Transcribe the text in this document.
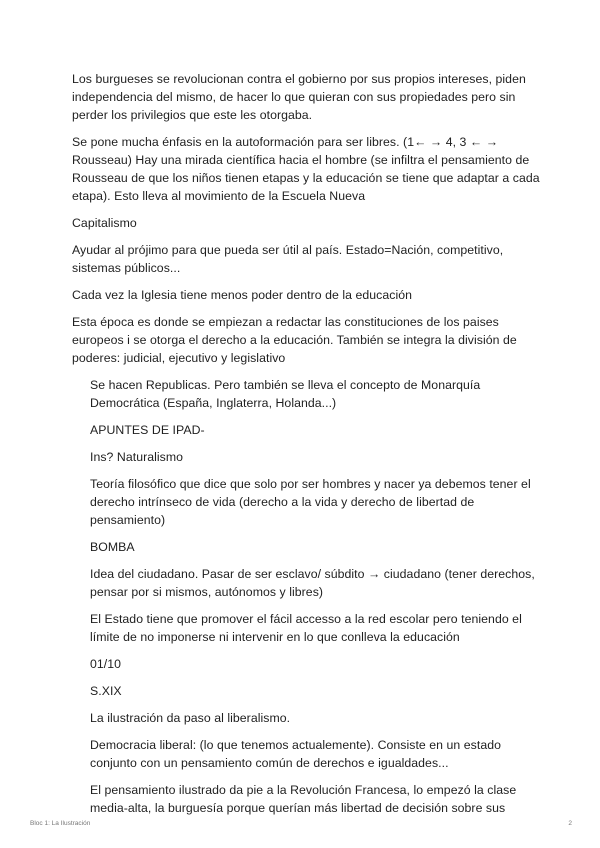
Los burgueses se revolucionan contra el gobierno por sus propios intereses, piden independencia del mismo, de hacer lo que quieran con sus propiedades pero sin perder los privilegios que este les otorgaba.

Se pone mucha énfasis en la autoformación para ser libres. (1← → 4, 3 ← → Rousseau) Hay una mirada científica hacia el hombre (se infiltra el pensamiento de Rousseau de que los niños tienen etapas y la educación se tiene que adaptar a cada etapa). Esto lleva al movimiento de la Escuela Nueva

Capitalismo

Ayudar al prójimo para que pueda ser útil al país. Estado=Nación, competitivo, sistemas públicos...

Cada vez la Iglesia tiene menos poder dentro de la educación

Esta época es donde se empiezan a redactar las constituciones de los paises europeos i se otorga el derecho a la educación. También se integra la división de poderes: judicial, ejecutivo y legislativo

Se hacen Republicas. Pero también se lleva el concepto de Monarquía Democrática (España, Inglaterra, Holanda...)

APUNTES DE IPAD-

Ins? Naturalismo

Teoría filosófico que dice que solo por ser hombres y nacer ya debemos tener el derecho intrínseco de vida (derecho a la vida y derecho de libertad de pensamiento)

BOMBA

Idea del ciudadano. Pasar de ser esclavo/ súbdito → ciudadano (tener derechos, pensar por si mismos, autónomos y libres)

El Estado tiene que promover el fácil accesso a la red escolar pero teniendo el límite de no imponerse ni intervenir en lo que conlleva la educación

01/10

S.XIX

La ilustración da paso al liberalismo.

Democracia liberal: (lo que tenemos actualemente). Consiste en un estado conjunto con un pensamiento común de derechos e igualdades...

El pensamiento ilustrado da pie a la Revolución Francesa, lo empezó la clase media-alta, la burguesía porque querían más libertad de decisión sobre sus

Bloc 1: La Ilustración	2
